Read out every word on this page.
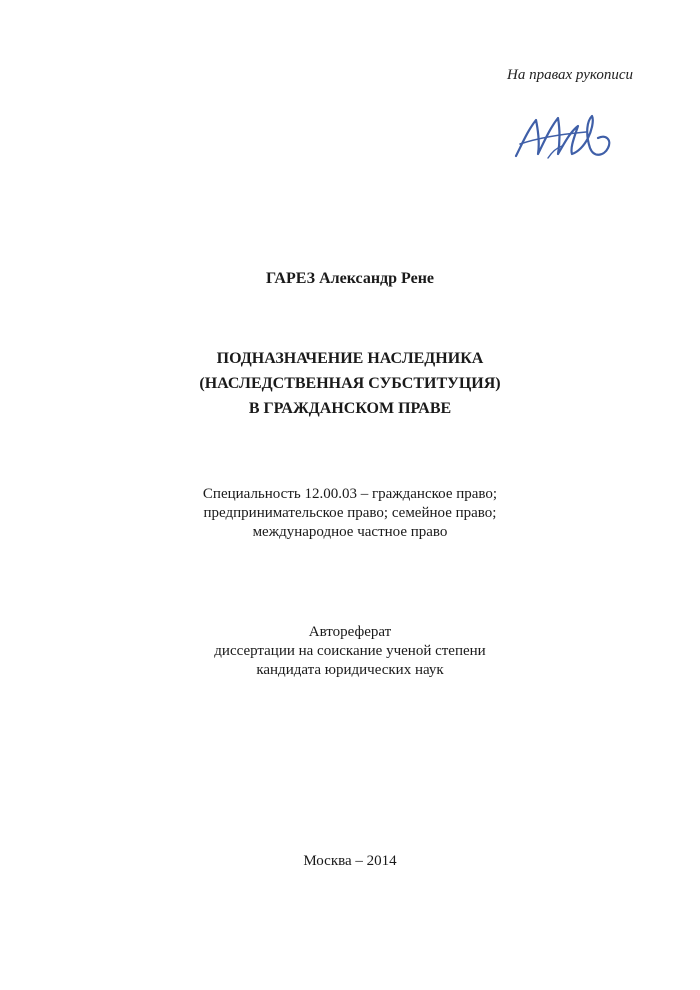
На правах рукописи
ГАРЕЗ Александр Рене
ПОДНАЗНАЧЕНИЕ НАСЛЕДНИКА
(НАСЛЕДСТВЕННАЯ СУБСТИТУЦИЯ)
В ГРАЖДАНСКОМ ПРАВЕ
Специальность 12.00.03 – гражданское право;
предпринимательское право; семейное право;
международное частное право
Автореферат
диссертации на соискание ученой степени
кандидата юридических наук
Москва – 2014
